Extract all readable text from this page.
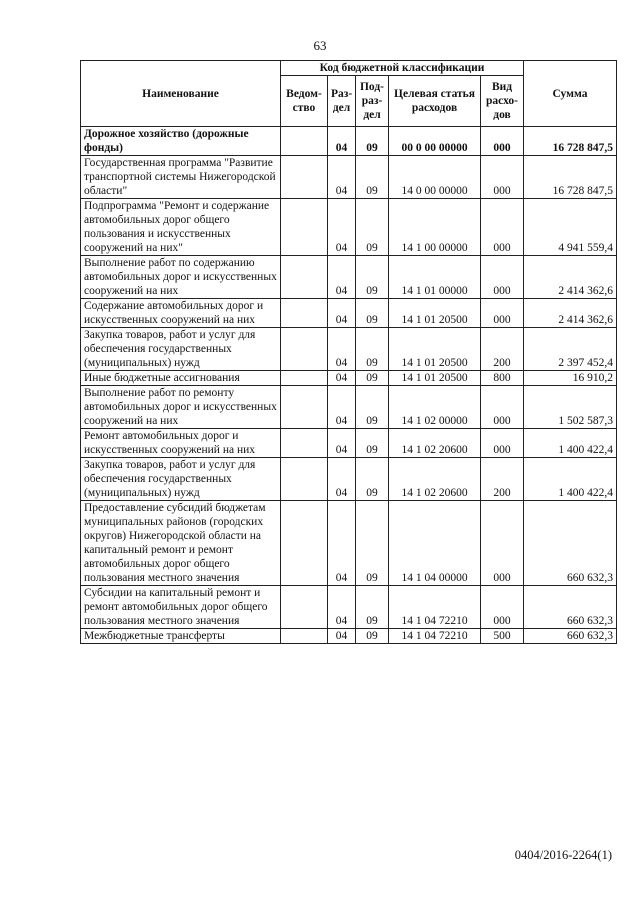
63
Наименование	Код бюджетной классификации					Сумма
	Ведом-ство	Раз-дел	Под-раз-дел	Целевая статья расходов	Вид расхо-дов	
Дорожное хозяйство (дорожные фонды)		04	09	00 0 00 00000	000	16 728 847,5
Государственная программа "Развитие транспортной системы Нижегородской области"		04	09	14 0 00 00000	000	16 728 847,5
Подпрограмма "Ремонт и содержание автомобильных дорог общего пользования и искусственных сооружений на них"		04	09	14 1 00 00000	000	4 941 559,4
Выполнение работ по содержанию автомобильных дорог и искусственных сооружений на них		04	09	14 1 01 00000	000	2 414 362,6
Содержание автомобильных дорог и искусственных сооружений на них		04	09	14 1 01 20500	000	2 414 362,6
Закупка товаров, работ и услуг для обеспечения государственных (муниципальных) нужд		04	09	14 1 01 20500	200	2 397 452,4
Иные бюджетные ассигнования		04	09	14 1 01 20500	800	16 910,2
Выполнение работ по ремонту автомобильных дорог и искусственных сооружений на них		04	09	14 1 02 00000	000	1 502 587,3
Ремонт автомобильных дорог и искусственных сооружений на них		04	09	14 1 02 20600	000	1 400 422,4
Закупка товаров, работ и услуг для обеспечения государственных (муниципальных) нужд		04	09	14 1 02 20600	200	1 400 422,4
Предоставление субсидий бюджетам муниципальных районов (городских округов) Нижегородской области на капитальный ремонт и ремонт автомобильных дорог общего пользования местного значения		04	09	14 1 04 00000	000	660 632,3
Субсидии на капитальный ремонт и ремонт автомобильных дорог общего пользования местного значения		04	09	14 1 04 72210	000	660 632,3
Межбюджетные трансферты		04	09	14 1 04 72210	500	660 632,3
0404/2016-2264(1)
